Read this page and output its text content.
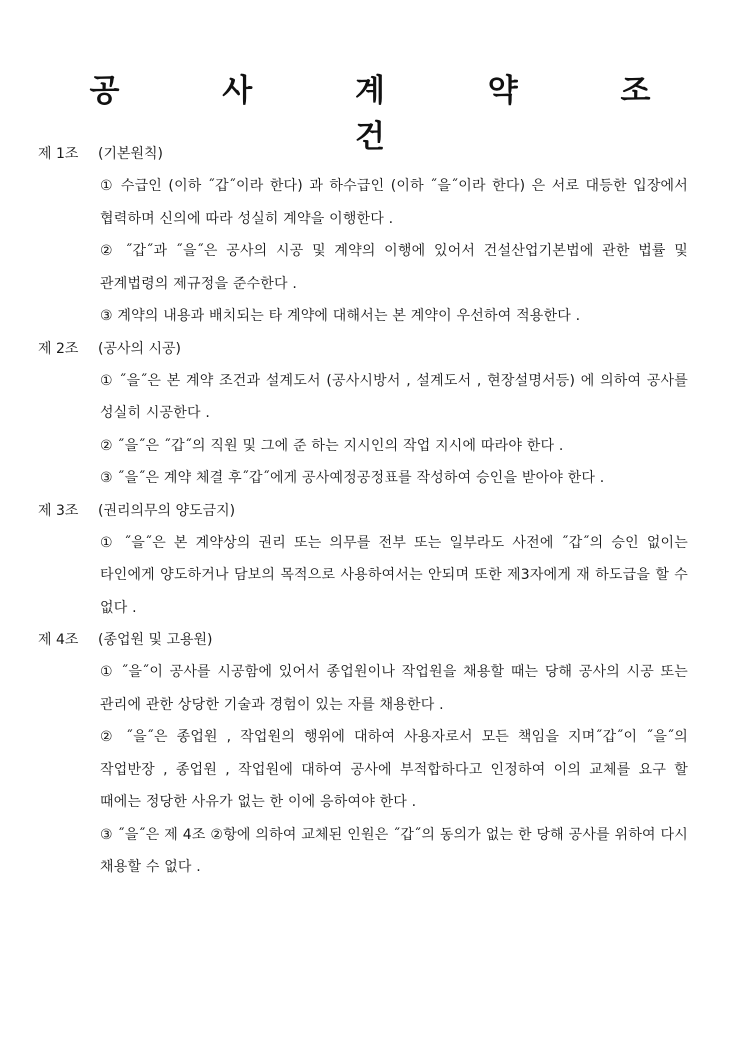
공 사 계 약 조 건
제 1조 (기본원칙)
① 수급인 (이하 ˝갑˝이라 한다) 과 하수급인 (이하 ˝을˝이라 한다) 은 서로 대등한 입장에서 협력하며 신의에 따라 성실히 계약을 이행한다 .
② ˝갑˝과 ˝을˝은 공사의 시공 및 계약의 이행에 있어서 건설산업기본법에 관한 법률 및 관계법령의 제규정을 준수한다 .
③ 계약의 내용과 배치되는 타 계약에 대해서는 본 계약이 우선하여 적용한다 .
제 2조 (공사의 시공)
① ˝을˝은 본 계약 조건과 설계도서 (공사시방서 , 설계도서 , 현장설명서등) 에 의하여 공사를 성실히 시공한다 .
② ˝을˝은 ˝갑˝의 직원 및 그에 준 하는 지시인의 작업 지시에 따라야 한다 .
③ ˝을˝은 계약 체결 후˝갑˝에게 공사예정공정표를 작성하여 승인을 받아야 한다 .
제 3조 (권리의무의 양도금지)
① ˝을˝은 본 계약상의 권리 또는 의무를 전부 또는 일부라도 사전에 ˝갑˝의 승인 없이는 타인에게 양도하거나 담보의 목적으로 사용하여서는 안되며 또한 제3자에게 재 하도급을 할 수 없다 .
제 4조 (종업원 및 고용원)
① ˝을˝이 공사를 시공함에 있어서 종업원이나 작업원을 채용할 때는 당해 공사의 시공 또는 관리에 관한 상당한 기술과 경험이 있는 자를 채용한다 .
② ˝을˝은 종업원 , 작업원의 행위에 대하여 사용자로서 모든 책임을 지며˝갑˝이 ˝을˝의 작업반장 , 종업원 , 작업원에 대하여 공사에 부적합하다고 인정하여 이의 교체를 요구 할 때에는 정당한 사유가 없는 한 이에 응하여야 한다 .
③ ˝을˝은 제 4조 ②항에 의하여 교체된 인원은 ˝갑˝의 동의가 없는 한 당해 공사를 위하여 다시 채용할 수 없다 .
